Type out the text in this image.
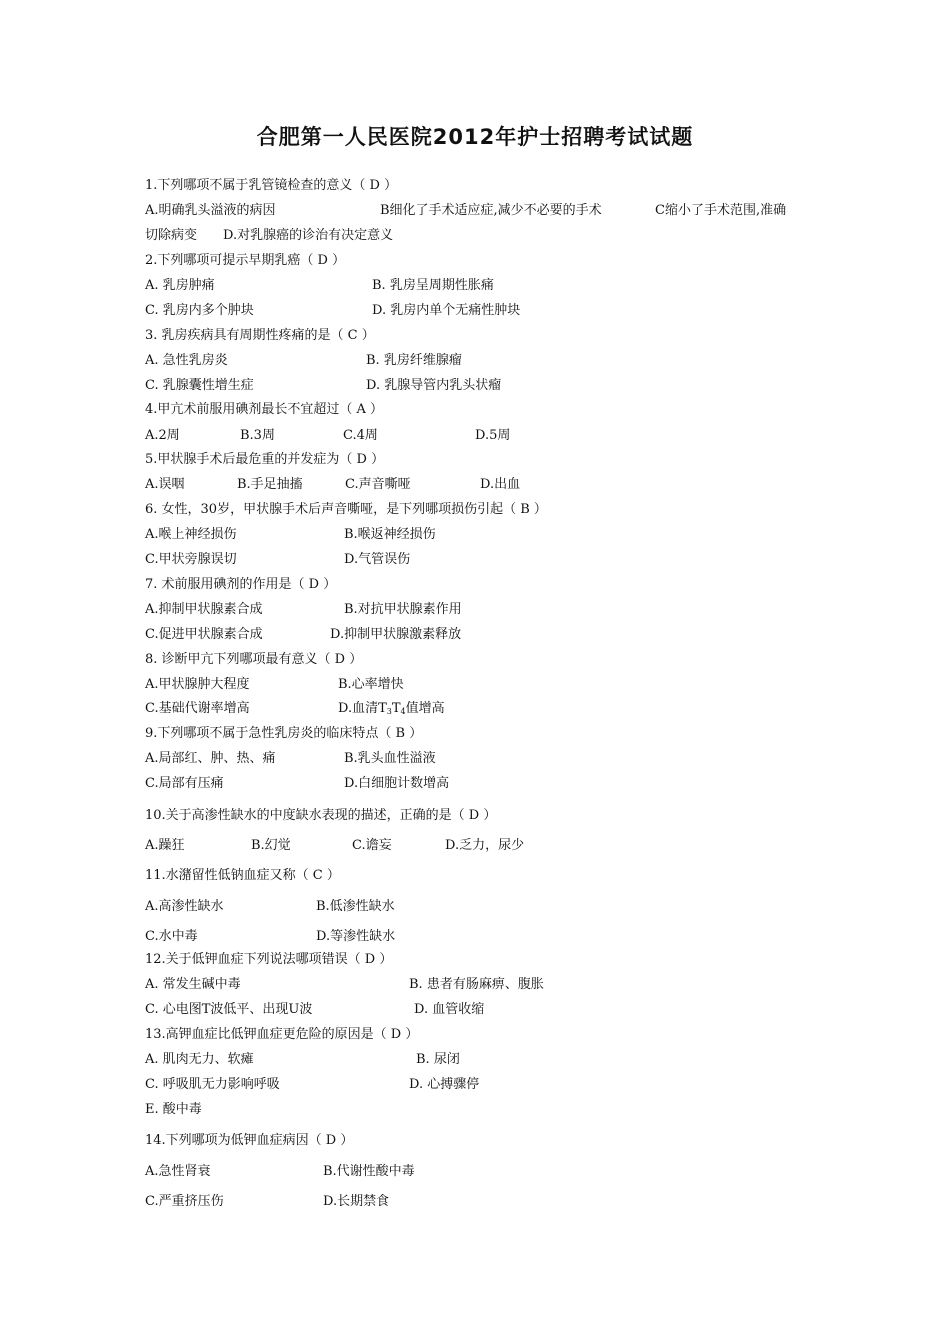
合肥第一人民医院2012年护士招聘考试试题
1.下列哪项不属于乳管镜检查的意义（ D ）
A.明确乳头溢液的病因	B细化了手术适应症,减少不必要的手术	C缩小了手术范围,准确
切除病变　　D.对乳腺癌的诊治有决定意义
2.下列哪项可提示早期乳癌（ D ）
A. 乳房肿痛	B. 乳房呈周期性胀痛
C. 乳房内多个肿块	D. 乳房内单个无痛性肿块
3. 乳房疾病具有周期性疼痛的是（ C ）
A. 急性乳房炎	B. 乳房纤维腺瘤
C. 乳腺囊性增生症	D. 乳腺导管内乳头状瘤
4.甲亢术前服用碘剂最长不宜超过（ A ）
A.2周	B.3周	C.4周	D.5周
5.甲状腺手术后最危重的并发症为（ D ）
A.误咽	B.手足抽搐	C.声音嘶哑	D.出血
6. 女性，30岁，甲状腺手术后声音嘶哑，是下列哪项损伤引起（ B ）
A.喉上神经损伤	B.喉返神经损伤
C.甲状旁腺误切	D.气管误伤
7. 术前服用碘剂的作用是（ D ）
A.抑制甲状腺素合成	B.对抗甲状腺素作用
C.促进甲状腺素合成	D.抑制甲状腺激素释放
8. 诊断甲亢下列哪项最有意义（ D ）
A.甲状腺肿大程度	B.心率增快
C.基础代谢率增高	D.血清$T_3T_4$值增高
9.下列哪项不属于急性乳房炎的临床特点（ B ）
A.局部红、肿、热、痛	B.乳头血性溢液
C.局部有压痛	D.白细胞计数增高
10.关于高渗性缺水的中度缺水表现的描述，正确的是（ D ）
A.躁狂	B.幻觉	C.谵妄	D.乏力，尿少
11.水潴留性低钠血症又称（ C ）
A.高渗性缺水	B.低渗性缺水
C.水中毒	D.等渗性缺水
12.关于低钾血症下列说法哪项错误（ D ）
A. 常发生碱中毒	B. 患者有肠麻痹、腹胀
C. 心电图T波低平、出现U波	D. 血管收缩
13.高钾血症比低钾血症更危险的原因是（ D ）
A. 肌肉无力、软瘫	B. 尿闭
C. 呼吸肌无力影响呼吸	D. 心搏骤停
E. 酸中毒
14.下列哪项为低钾血症病因（ D ）
A.急性肾衰	B.代谢性酸中毒
C.严重挤压伤	D.长期禁食
